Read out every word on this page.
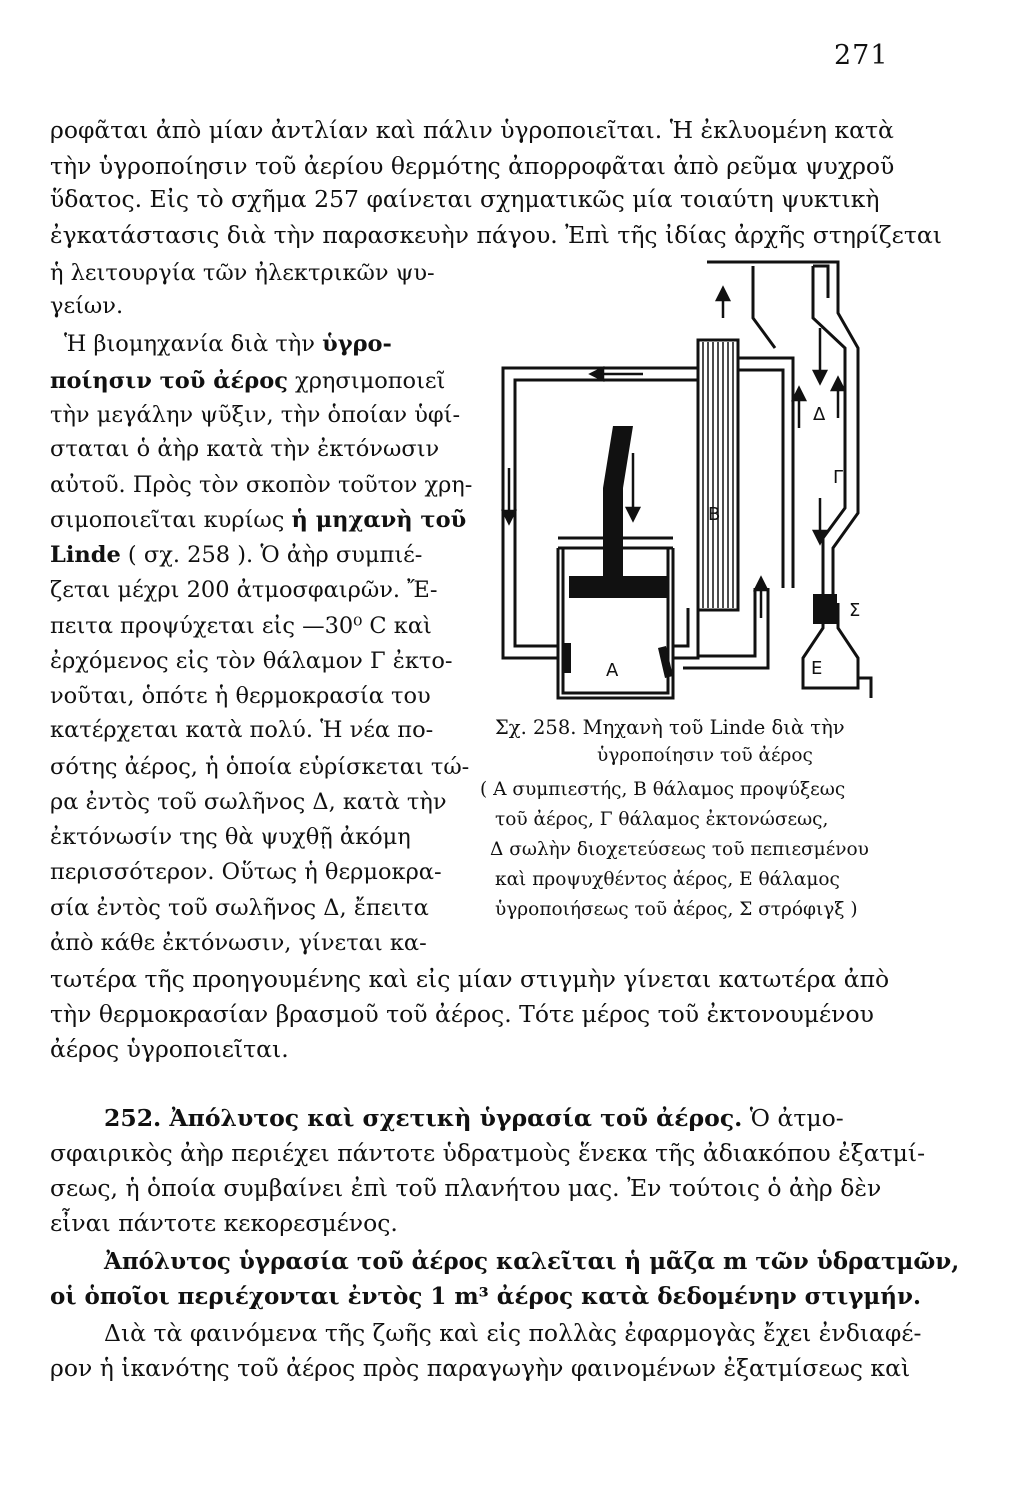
271
ροφᾶται ἀπὸ μίαν ἀντλίαν καὶ πάλιν ὑγροποιεῖται. Ἡ ἐκλυομένη κατὰ
τὴν ὑγροποίησιν τοῦ ἀερίου θερμότης ἀπορροφᾶται ἀπὸ ρεῦμα ψυχροῦ
ὕδατος. Εἰς τὸ σχῆμα 257 φαίνεται σχηματικῶς μία τοιαύτη ψυκτικὴ
ἐγκατάστασις διὰ τὴν παρασκευὴν πάγου. Ἐπὶ τῆς ἰδίας ἀρχῆς στηρίζεται
ἡ λειτουργία τῶν ἠλεκτρικῶν ψυ-
γείων.
Ἡ βιομηχανία διὰ τὴν ὑγρο-
ποίησιν τοῦ ἀέρος χρησιμοποιεῖ
τὴν μεγάλην ψῦξιν, τὴν ὁποίαν ὑφί-
σταται ὁ ἀὴρ κατὰ τὴν ἐκτόνωσιν
αὐτοῦ. Πρὸς τὸν σκοπὸν τοῦτον χρη-
σιμοποιεῖται κυρίως ἡ μηχανὴ τοῦ
Linde ( σχ. 258 ). Ὁ ἀὴρ συμπιέ-
ζεται μέχρι 200 ἀτμοσφαιρῶν. Ἔ-
πειτα προψύχεται εἰς —30⁰ C καὶ
ἐρχόμενος εἰς τὸν θάλαμον Γ ἐκτο-
νοῦται, ὁπότε ἡ θερμοκρασία του
κατέρχεται κατὰ πολύ. Ἡ νέα πο-
σότης ἀέρος, ἡ ὁποία εὑρίσκεται τώ-
ρα ἐντὸς τοῦ σωλῆνος Δ, κατὰ τὴν
ἐκτόνωσίν της θὰ ψυχθῇ ἀκόμη
περισσότερον. Οὕτως ἡ θερμοκρα-
σία ἐντὸς τοῦ σωλῆνος Δ, ἔπειτα
ἀπὸ κάθε ἐκτόνωσιν, γίνεται κα-
Α
Β
Δ
Γ
Ε
Σ
Σχ. 258. Μηχανὴ τοῦ Linde διὰ τὴν
ὑγροποίησιν τοῦ ἀέρος
( Α συμπιεστής, Β θάλαμος προψύξεως
τοῦ ἀέρος, Γ θάλαμος ἐκτονώσεως,
Δ σωλὴν διοχετεύσεως τοῦ πεπιεσμένου
καὶ προψυχθέντος ἀέρος, Ε θάλαμος
ὑγροποιήσεως τοῦ ἀέρος, Σ στρόφιγξ )
τωτέρα τῆς προηγουμένης καὶ εἰς μίαν στιγμὴν γίνεται κατωτέρα ἀπὸ
τὴν θερμοκρασίαν βρασμοῦ τοῦ ἀέρος. Τότε μέρος τοῦ ἐκτονουμένου
ἀέρος ὑγροποιεῖται.
252. Ἀπόλυτος καὶ σχετικὴ ὑγρασία τοῦ ἀέρος. Ὁ ἀτμο-
σφαιρικὸς ἀὴρ περιέχει πάντοτε ὑδρατμοὺς ἕνεκα τῆς ἀδιακόπου ἐξατμί-
σεως, ἡ ὁποία συμβαίνει ἐπὶ τοῦ πλανήτου μας. Ἐν τούτοις ὁ ἀὴρ δὲν
εἶναι πάντοτε κεκορεσμένος.
Ἀπόλυτος ὑγρασία τοῦ ἀέρος καλεῖται ἡ μᾶζα m τῶν ὑδρατμῶν,
οἱ ὁποῖοι περιέχονται ἐντὸς 1 m³ ἀέρος κατὰ δεδομένην στιγμήν.
Διὰ τὰ φαινόμενα τῆς ζωῆς καὶ εἰς πολλὰς ἐφαρμογὰς ἔχει ἐνδιαφέ-
ρον ἡ ἱκανότης τοῦ ἀέρος πρὸς παραγωγὴν φαινομένων ἐξατμίσεως καὶ
